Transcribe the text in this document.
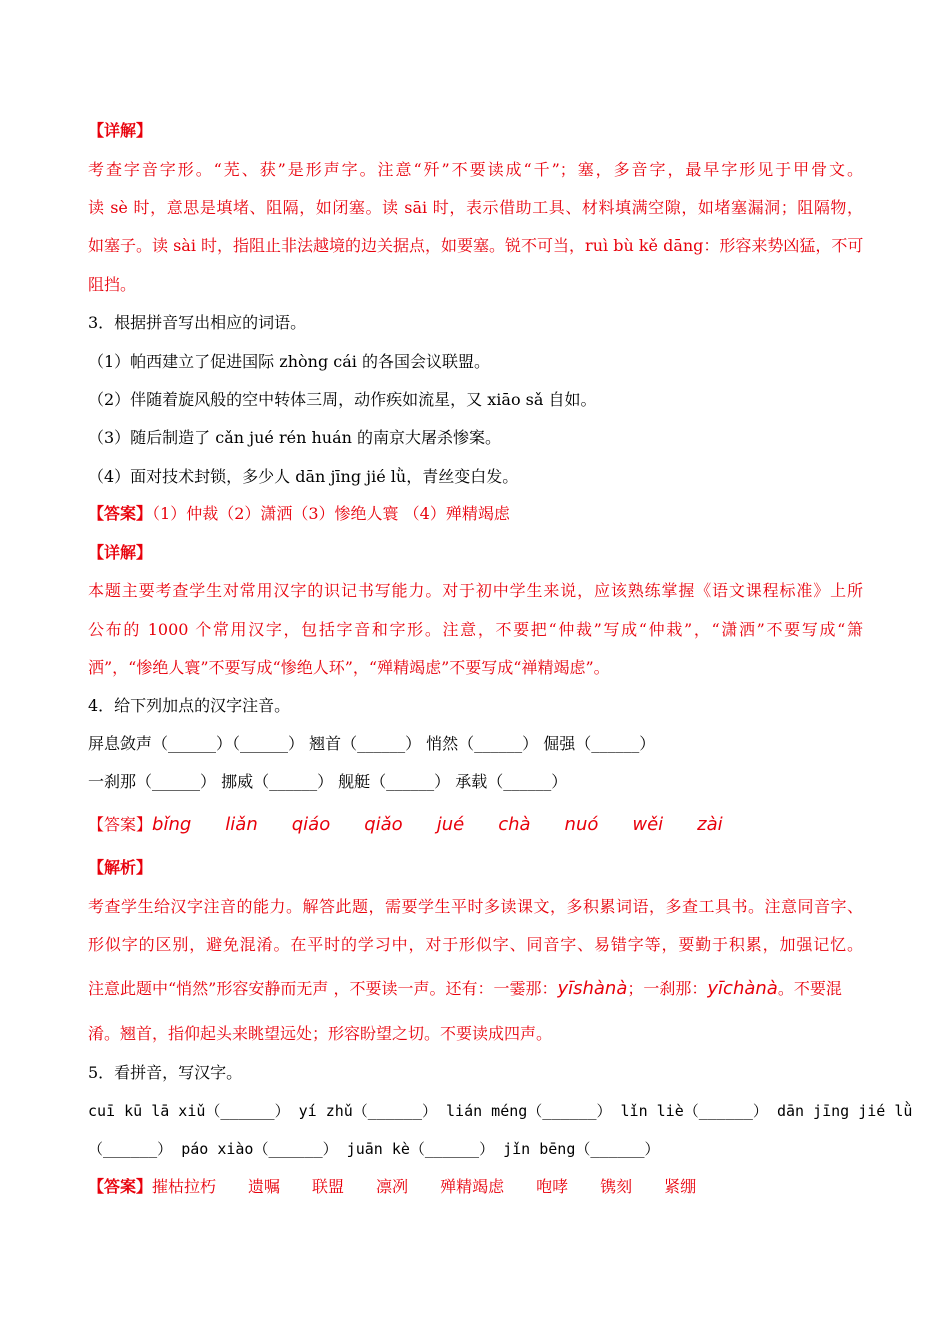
【详解】
考查字音字形。“芜、获”是形声字。注意“歼”不要读成“千”；塞，多音字，最早字形见于甲骨文。
读 sè 时，意思是填堵、阻隔，如闭塞。读 sāi 时，表示借助工具、材料填满空隙，如堵塞漏洞；阻隔物，
如塞子。读 sài 时，指阻止非法越境的边关据点，如要塞。锐不可当，ruì bù kě dāng：形容来势凶猛，不可
阻挡。
3．根据拼音写出相应的词语。
（1）帕西建立了促进国际 zhòng cái 的各国会议联盟。
（2）伴随着旋风般的空中转体三周，动作疾如流星，又 xiāo sǎ 自如。
（3）随后制造了 cǎn jué rén huán 的南京大屠杀惨案。
（4）面对技术封锁，多少人 dān jīng jié lǜ，青丝变白发。
【答案】（1）仲裁（2）潇洒（3）惨绝人寰 （4）殚精竭虑
【详解】
本题主要考查学生对常用汉字的识记书写能力。对于初中学生来说，应该熟练掌握《语文课程标准》上所
公布的 1000 个常用汉字，包括字音和字形。注意，不要把“仲裁”写成“仲栽”，“潇洒”不要写成“箫
洒”，“惨绝人寰”不要写成“惨绝人环”，“殚精竭虑”不要写成“禅精竭虑”。
4．给下列加点的汉字注音。
屏息敛声（______）（______） 翘首（______） 悄然（______） 倔强（______）
一刹那（______） 挪威（______） 舰艇（______） 承载（______）
【答案】bǐng liǎn qiáo qiǎo jué chà nuó wěi zài
【解析】
考查学生给汉字注音的能力。解答此题，需要学生平时多读课文，多积累词语，多查工具书。注意同音字、
形似字的区别，避免混淆。在平时的学习中，对于形似字、同音字、易错字等，要勤于积累，加强记忆。
注意此题中“悄然”形容安静而无声 ，不要读一声。还有：一霎那：yīshànà；一刹那：yīchànà。不要混
淆。翘首，指仰起头来眺望远处；形容盼望之切。不要读成四声。
5．看拼音，写汉字。
cuī kū lā xiǔ（______） yí zhǔ（______） lián méng（______） lǐn liè（______） dān jīng jié lǜ
（______） páo xiào（______） juān kè（______） jǐn bēng（______）
【答案】摧枯拉朽 遗嘱 联盟 凛冽 殚精竭虑 咆哮 镌刻 紧绷
